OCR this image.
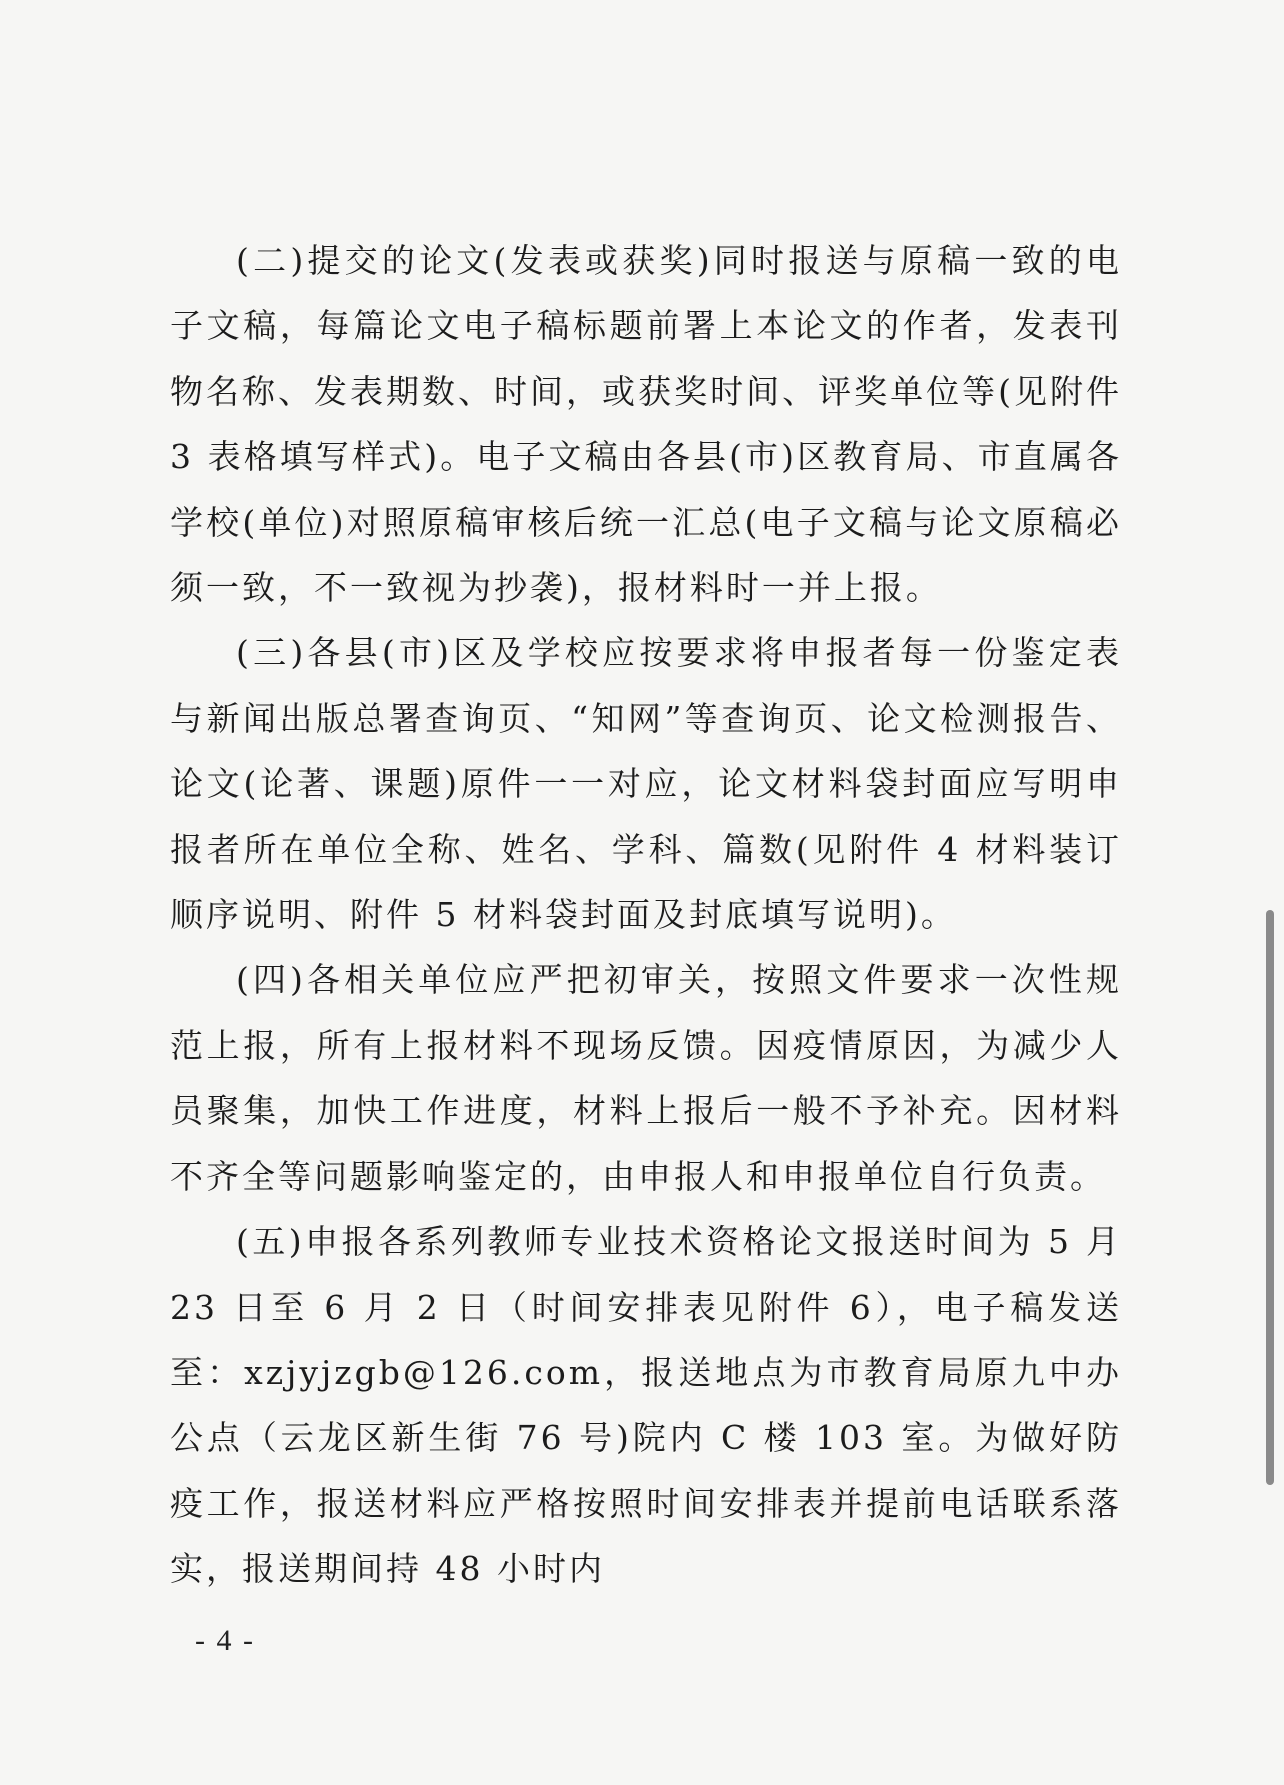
(二)提交的论文(发表或获奖)同时报送与原稿一致的电子文稿，每篇论文电子稿标题前署上本论文的作者，发表刊物名称、发表期数、时间，或获奖时间、评奖单位等(见附件 3 表格填写样式)。电子文稿由各县(市)区教育局、市直属各学校(单位)对照原稿审核后统一汇总(电子文稿与论文原稿必须一致，不一致视为抄袭)，报材料时一并上报。

(三)各县(市)区及学校应按要求将申报者每一份鉴定表与新闻出版总署查询页、“知网”等查询页、论文检测报告、论文(论著、课题)原件一一对应，论文材料袋封面应写明申报者所在单位全称、姓名、学科、篇数(见附件 4 材料装订顺序说明、附件 5 材料袋封面及封底填写说明)。

(四)各相关单位应严把初审关，按照文件要求一次性规范上报，所有上报材料不现场反馈。因疫情原因，为减少人员聚集，加快工作进度，材料上报后一般不予补充。因材料不齐全等问题影响鉴定的，由申报人和申报单位自行负责。

(五)申报各系列教师专业技术资格论文报送时间为 5 月 23 日至 6 月 2 日（时间安排表见附件 6），电子稿发送至：xzjyjzgb@126.com，报送地点为市教育局原九中办公点（云龙区新生街 76 号)院内 C 楼 103 室。为做好防疫工作，报送材料应严格按照时间安排表并提前电话联系落实，报送期间持 48 小时内

- 4 -
